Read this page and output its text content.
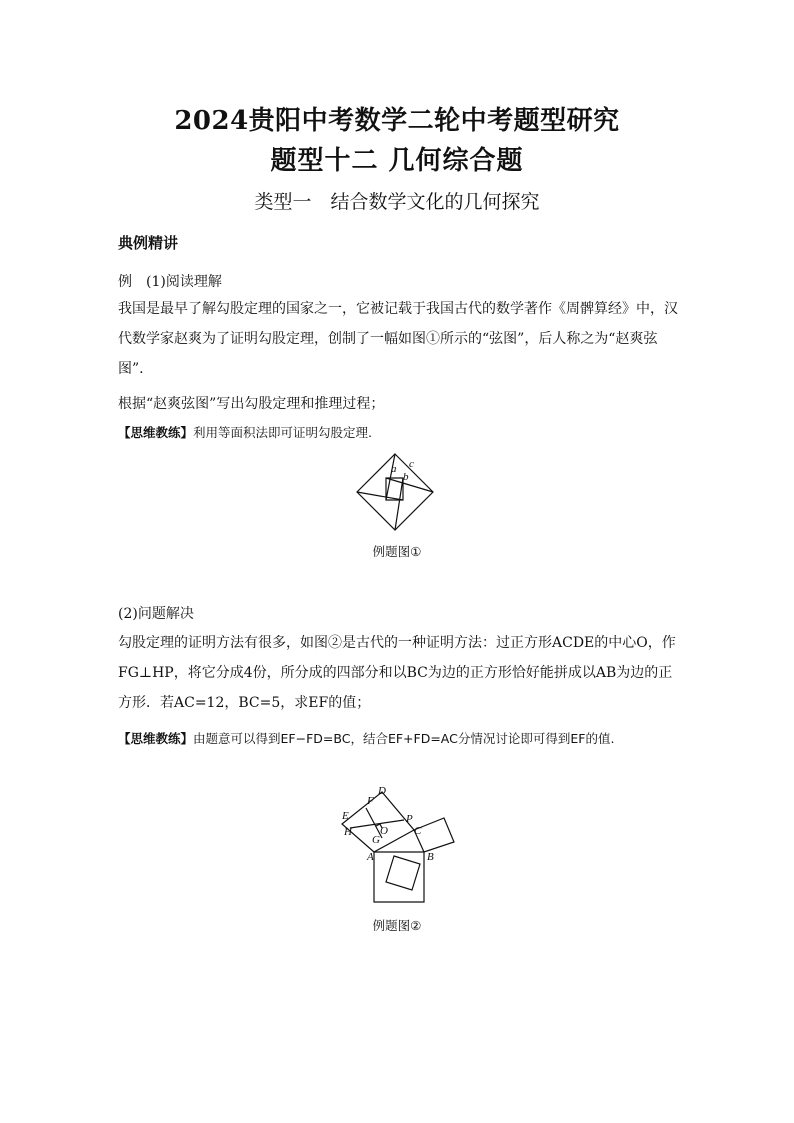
2024贵阳中考数学二轮中考题型研究
题型十二 几何综合题
类型一　结合数学文化的几何探究
典例精讲
例　(1)阅读理解
我国是最早了解勾股定理的国家之一，它被记载于我国古代的数学著作《周髀算经》中，汉代数学家赵爽为了证明勾股定理，创制了一幅如图①所示的“弦图”，后人称之为“赵爽弦图”.
根据“赵爽弦图”写出勾股定理和推理过程；
【思维教练】利用等面积法即可证明勾股定理.
a c
b
例题图①
(2)问题解决
勾股定理的证明方法有很多，如图②是古代的一种证明方法：过正方形ACDE的中心O，作FG⊥HP，将它分成4份，所分成的四部分和以BC为边的正方形恰好能拼成以AB为边的正方形．若AC=12，BC=5，求EF的值；
【思维教练】由题意可以得到EF−FD=BC，结合EF+FD=AC分情况讨论即可得到EF的值.
D
F
E
H	O
P
C
G
A	B
例题图②
